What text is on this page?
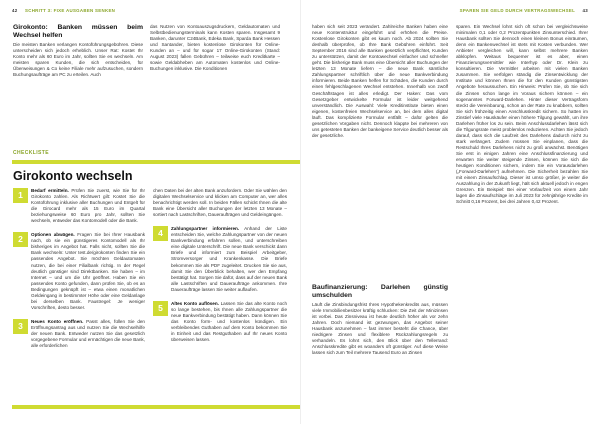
42 SCHRITT 3: FIXE AUSGABEN SENKEN	SPAREN SIE GELD DURCH VERTRAGSWECHSEL 43
Girokonto: Banken müssen beim Wechsel helfen
Die meisten Banken verlangen Kontoführungsgebühren. Diese unterscheiden sich jedoch erheblich. Unser Rat: Kostet Ihr Konto mehr als 60 Euro im Jahr, sollten Sie es wechseln. Am meisten sparen Kunden, die sich entscheiden, für Überweisungen & Co keine Filiale mehr aufzusuchen, sondern Buchungsaufträge am PC zu erteilen. Auch
das Nutzen von Kontoauszugsdruckern, Geldautomaten und Selbstbedienungsterminals kann Kosten sparen. Insgesamt 9 Banken, darunter C24Bank, Edeka Bank, Sparda Bank Hessen und Santander, bieten kostenlose Girokonten für Online-Kunden an – und für sogar 17 Online-Girokonten (Stand: August 2023) fallen Gebühren – teilweise euch Kreditkarte – sowie Geldabheben am Automaten kostenlos und Online-Buchungen inklusive. Die Konditionen
CHECKLISTE
Girokonto wechseln
1	Bedarf ermitteln. Prüfen Sie zuerst, wie Sie für Ihr Girokonto zahlen. Als Richtwert gilt: Kostet Sie die Kontoführung inklusive aller Buchungen und Entgelt für die Girocard mehr als 15 Euro im Quartal beziehungsweise 60 Euro pro Jahr, sollten Sie wechseln, entweder das Kontomodell oder die Bank.
2	Optionen abwägen. Fragen Sie bei Ihrer Hausbank nach, ob sie ein günstigeres Kontomodell als Ihr bisheriges im Angebot hat. Falls nicht, sollten Sie die Bank wechseln: Unter test.de/girokonten finden Sie ein passendes Angebot. Sie möchten Geldautomaten nutzen, die bei einer Filialbank richtig. In der Regel deutlich günstiger sind Direktbanken. Sie haben – im Internet – und um die Uhr geöffnet. Haben Sie ein passendes Konto gefunden, dann prüfen Sie, ob es an Bedingungen geknüpft ist – etwa einen monatlichen Geldeingang in bestimmter Höhe oder eine Geldanlage bei derselben Bank. Faustregel: Je weniger Vorschriften, desto besser.
3	Neues Konto eröffnen. Passt alles, füllen Sie den Eröffnungsantrag aus und nutzen Sie die Wechselhilfe der neuen Bank. Entweder nutzen Sie das gesetzlich vorgegebene Formular und ermächtigen die neue Bank, alle erforderlichen
chen Daten bei der alten Bank anzufordern. Oder Sie wählen den digitalen Wechselservice und klicken am Computer an, wer alles benachrichtigt werden soll. In beiden Fällen schickt Ihnen die alte Bank eine Übersicht aller Buchungen der letzten 13 Monate – sortiert nach Lastschriften, Daueraufträgen und Geldeingängen.
4	Zahlungspartner informieren. Anhand der Liste entscheiden Sie, welche Zahlungspartner von der neuen Bankverbindung erfahren sollen, und unterschreiben eine digitale Unterschrift. Die neue Bank verschickt dann Briefe und informiert zum Beispiel Arbeitgeber, Stromversorger und Krankenkasse. Die Briefe bekommen Sie als PDF zugeleitet. Drucken Sie sie aus, damit Sie den Überblick behalten, wer den Empfang bestätigt hat. Sorgen Sie dafür, dass auf der neuen Bank alle Lastschriften und Daueraufträge ankommen. Ihre Daueraufträge lassen Sie weiter auflaufen.
5	Altes Konto auflösen. Lassen Sie das alte Konto noch so lange bestehen, bis Ihnen alle Zahlungspartner die neue Bankverbindung bestätigt haben. Dann können Sie das Konto form- und kostenlos kündigen. Ein verbleibendes Guthaben auf dem Konto bekommen Sie in Einheit und das Restguthaben auf Ihr neues Konto überweisen lassen.
haben sich seit 2023 verändert. Zahlreiche Banken haben eine neue Kontenstruktur eingeführt und erhöhen die Preise. Kostenlose Girokonten gibt es kaum noch. Ab 2024 sollten Sie deshalb überprüfen, ob Ihre Bank Gebühren einführt. Seit September 2016 sind alle Banken gesetzlich verpflichtet, Kunden zu unterstützen, damit der Kontowechsel einfacher und schneller geht. Die bisherige Bank muss eine Übersicht aller Buchungen der letzten 13 Monate liefern – die neue Bank sämtliche Zahlungspartner schriftlich über die neue Bankverbindung informieren. Beide Banken helfen für Schäden, die Kunden durch einen fehlgeschlagenen Wechsel entstehen. Innerhalb von zwölf Geschäftstagen ist alles erledigt. Der Haken: Das vom Gesetzgeber entwickelte Formular ist leider weitgehend unverständlich. Die Auswahl: Viele Kreditinstitute bieten einen eigenen, kostenfreien Wechselservice an, bei dem alles digital läuft. Das komplizierte Formular entfällt – dafür gelten die gesetzlichen Vorgaben nicht. Dennoch klappte bei mehreren von uns getesteten Banken der bankeigene Service deutlich besser als der gesetzliche.
Baufinanzierung: Darlehen günstig umschulden
Läuft die Zinsbindungsfrist Ihres Hypothekenkredits aus, müssen viele Immobilienbesitzer kräftig schlucken: Die Zeit der Minizinsen ist vorbei. Das Zinsniveau ist heute deutlich höher als vor zehn Jahren. Doch niemand ist gezwungen, das Angebot seiner Hausbank anzunehmen – fast immer besteht die Chance, über niedrigere Zinsen und flexiblere Rückzahlungsregeln zu verhandeln. Es lohnt sich, den Blick über den Tellerrand: Anschlusskredite gibt es woanders oft günstiger. Auf diese Weise lassen sich zum Teil mehrere Tausend Euro an Zinsen
sparen. Ein Wechsel lohnt sich oft schon bei vergleichsweise minimalen 0,1 oder 0,2 Prozentpunkten Zinsunterschied. Ihrer Hausbank sollten Sie dennoch einen kleinen Bonus einräumen, denn ein Bankenwechsel ist stets mit Kosten verbunden. Wer Anbieter vergleichen will, kann selbst mehrere Banken abklopfen. Weitaus bequemer ist es aber, einen Finanzierungsvermittler wie Interhyp oder Dr. Klein zu konsultieren. Die Vermittler arbeiten mit vielen Banken zusammen. Sie verfolgen ständig die Zinsentwicklung der Institute und können Ihnen die für den Kunden günstigsten Angebote heraussuchen. Ein Hinweis: Prüfen Sie, ob Sie sich die Zinsen schon lange im Voraus sichern können – ein sogenanntes Forward-Darlehen. Hinter dieser Vertragsform steckt die Vereinbarung, schon an der Rate zu knabbern, sollten Sie sich frühzeitig einen Anschlusskredit sichern. So hatten im Zinstief viele Hauskäufer einen höhere Tilgung gewählt, um ihre Darlehen früher los zu sein. Beim Anschlussdarlehen lässt sich die Tilgungsrate meist problemlos reduzieren. Achten Sie jedoch darauf, dass sich die Laufzeit des Darlehens dadurch nicht zu stark verlängert. Zudem müssen Sie einplanen, dass die Restschuld Ihres Darlehens nicht zu groß anwächst. Benötigen Sie erst in einigen Jahren eine Anschlussfinanzierung und erwarten Sie weiter steigende Zinsen, können Sie sich die heutigen Konditionen sichern, indem Sie ein Vorausdarlehen („Forward-Darlehen“) aufnehmen. Die Sicherheit bezahlen Sie mit einem Zinsaufschlag. Dieser ist umso größer, je weiter die Auszahlung in der Zukunft liegt, hält sich aktuell jedoch in engen Grenzen. Ein Beispiel: Bei einer Vorlaufzeit von einem Jahr lagen die Zinsaufschläge im Juli 2023 für zehnjährige Kredite im Schnitt 0,16 Prozent, bei drei Jahren 0,42 Prozent.
